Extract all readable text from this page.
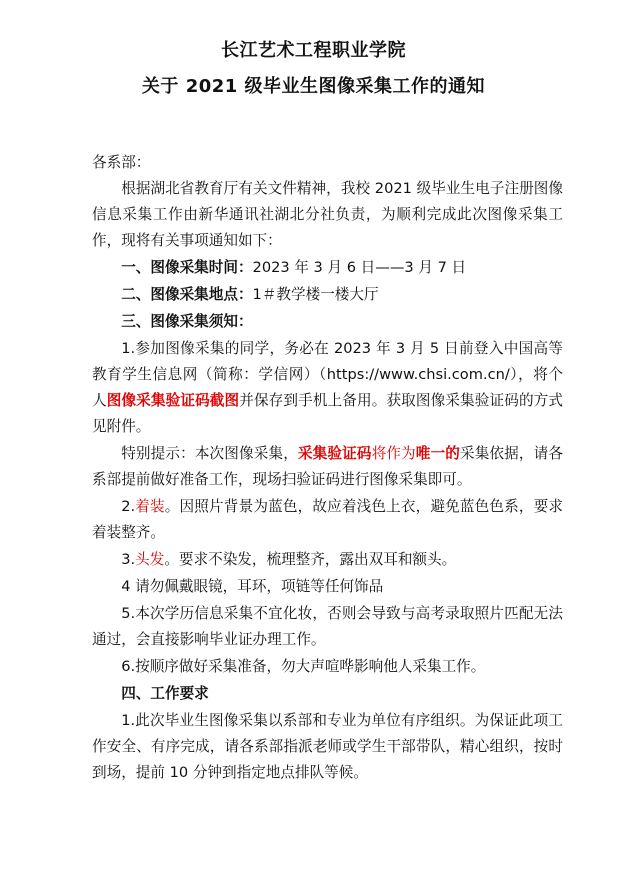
长江艺术工程职业学院
关于 2021 级毕业生图像采集工作的通知
各系部：

根据湖北省教育厅有关文件精神，我校 2021 级毕业生电子注册图像信息采集工作由新华通讯社湖北分社负责，为顺利完成此次图像采集工作，现将有关事项通知如下：

一、图像采集时间：2023 年 3 月 6 日——3 月 7 日

二、图像采集地点：1＃教学楼一楼大厅

三、图像采集须知：

1.参加图像采集的同学，务必在 2023 年 3 月 5 日前登入中国高等教育学生信息网（简称：学信网）（https://www.chsi.com.cn/），将个人图像采集验证码截图并保存到手机上备用。获取图像采集验证码的方式见附件。

特别提示：本次图像采集，采集验证码将作为唯一的采集依据，请各系部提前做好准备工作，现场扫验证码进行图像采集即可。

2.着装。因照片背景为蓝色，故应着浅色上衣，避免蓝色色系，要求着装整齐。

3.头发。要求不染发，梳理整齐，露出双耳和额头。

4 请勿佩戴眼镜，耳环，项链等任何饰品

5.本次学历信息采集不宜化妆，否则会导致与高考录取照片匹配无法通过，会直接影响毕业证办理工作。

6.按顺序做好采集准备，勿大声喧哗影响他人采集工作。

四、工作要求

1.此次毕业生图像采集以系部和专业为单位有序组织。为保证此项工作安全、有序完成，请各系部指派老师或学生干部带队，精心组织，按时到场，提前 10 分钟到指定地点排队等候。
